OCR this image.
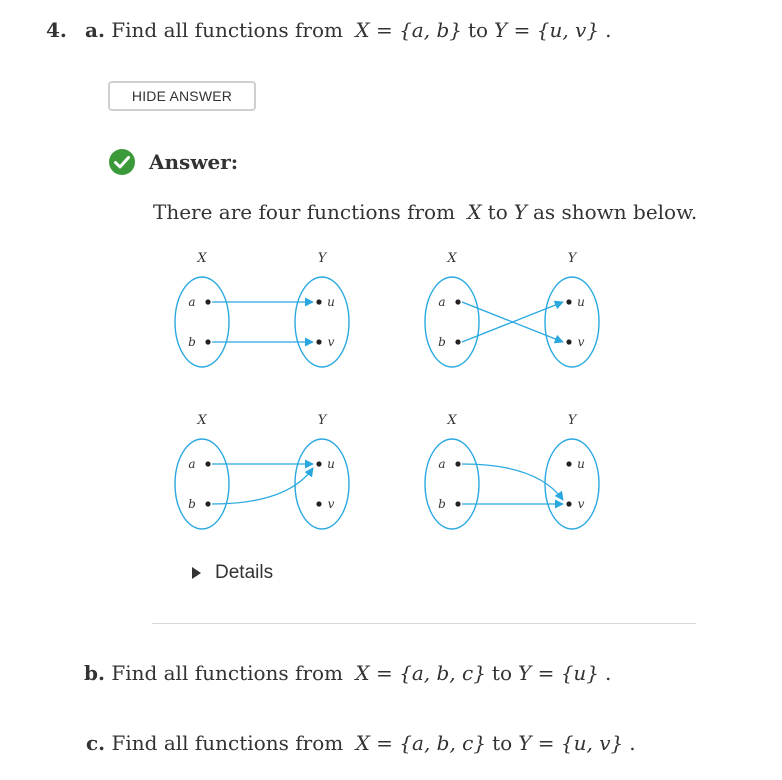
4. a. Find all functions from X = {a, b} to Y = {u, v} .
HIDE ANSWER
Answer:
There are four functions from X to Y as shown below.
X	Y
a
b
u
v
X	Y
a
b
u
v
X	Y
a
b
u
v
X	Y
a
b
u
v
Details
b. Find all functions from X = {a, b, c} to Y = {u} .
c. Find all functions from X = {a, b, c} to Y = {u, v} .
